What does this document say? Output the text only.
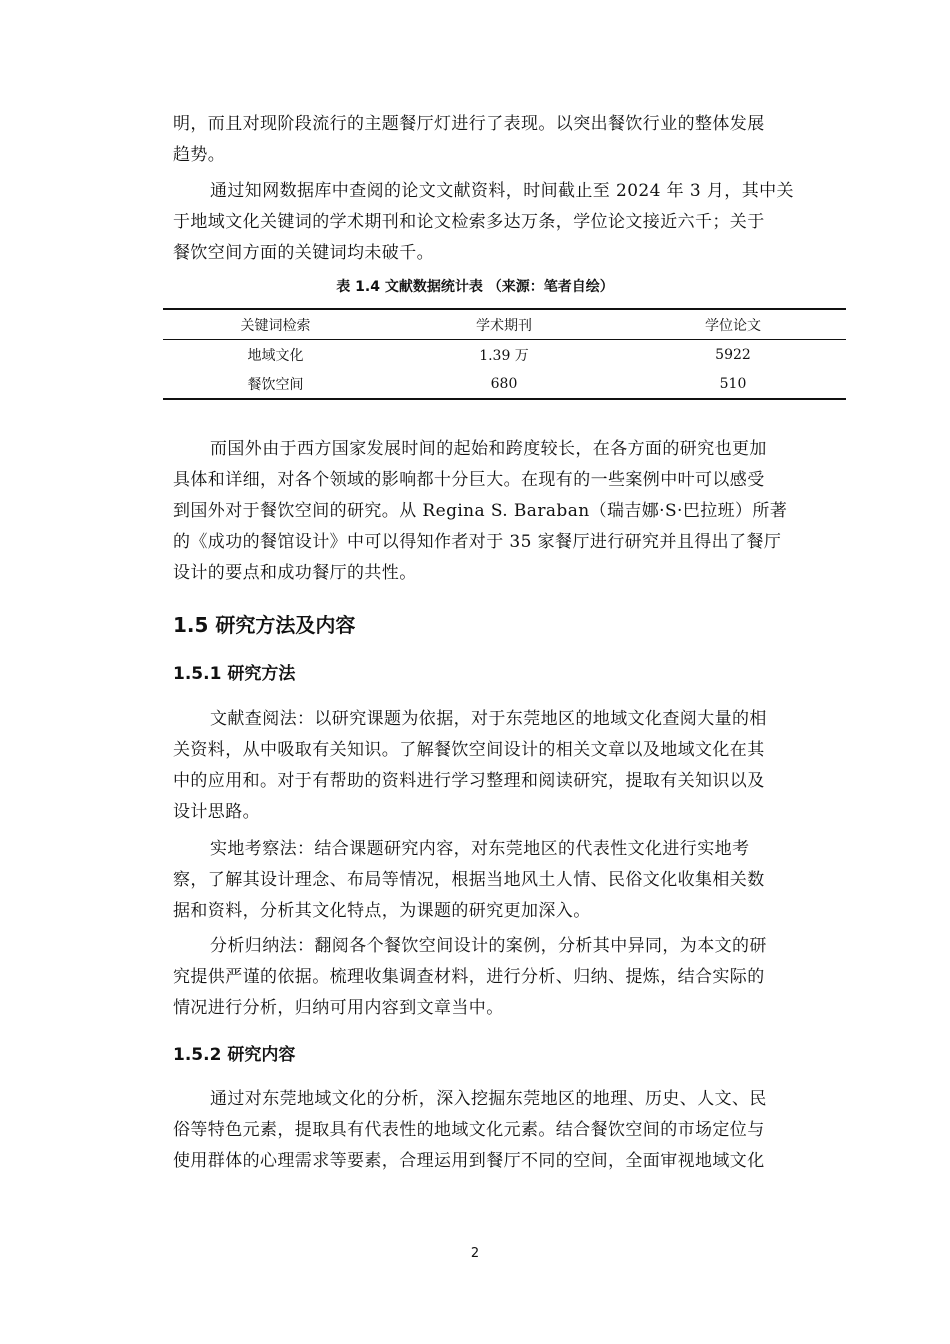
明，而且对现阶段流行的主题餐厅灯进行了表现。以突出餐饮行业的整体发展
趋势。
通过知网数据库中查阅的论文文献资料，时间截止至 2024 年 3 月，其中关
于地域文化关键词的学术期刊和论文检索多达万条，学位论文接近六千；关于
餐饮空间方面的关键词均未破千。
表 1.4 文献数据统计表 （来源：笔者自绘）
关键词检索	学术期刊	学位论文
地域文化	1.39 万	5922
餐饮空间	680	510
而国外由于西方国家发展时间的起始和跨度较长，在各方面的研究也更加
具体和详细，对各个领域的影响都十分巨大。在现有的一些案例中叶可以感受
到国外对于餐饮空间的研究。从 Regina S. Baraban（瑞吉娜·S·巴拉班）所著
的《成功的餐馆设计》中可以得知作者对于 35 家餐厅进行研究并且得出了餐厅
设计的要点和成功餐厅的共性。
1.5 研究方法及内容
1.5.1 研究方法
文献查阅法：以研究课题为依据，对于东莞地区的地域文化查阅大量的相
关资料，从中吸取有关知识。了解餐饮空间设计的相关文章以及地域文化在其
中的应用和。对于有帮助的资料进行学习整理和阅读研究，提取有关知识以及
设计思路。
实地考察法：结合课题研究内容，对东莞地区的代表性文化进行实地考
察，了解其设计理念、布局等情况，根据当地风土人情、民俗文化收集相关数
据和资料，分析其文化特点，为课题的研究更加深入。
分析归纳法：翻阅各个餐饮空间设计的案例，分析其中异同，为本文的研
究提供严谨的依据。梳理收集调查材料，进行分析、归纳、提炼，结合实际的
情况进行分析，归纳可用内容到文章当中。
1.5.2 研究内容
通过对东莞地域文化的分析，深入挖掘东莞地区的地理、历史、人文、民
俗等特色元素，提取具有代表性的地域文化元素。结合餐饮空间的市场定位与
使用群体的心理需求等要素，合理运用到餐厅不同的空间，全面审视地域文化
2
